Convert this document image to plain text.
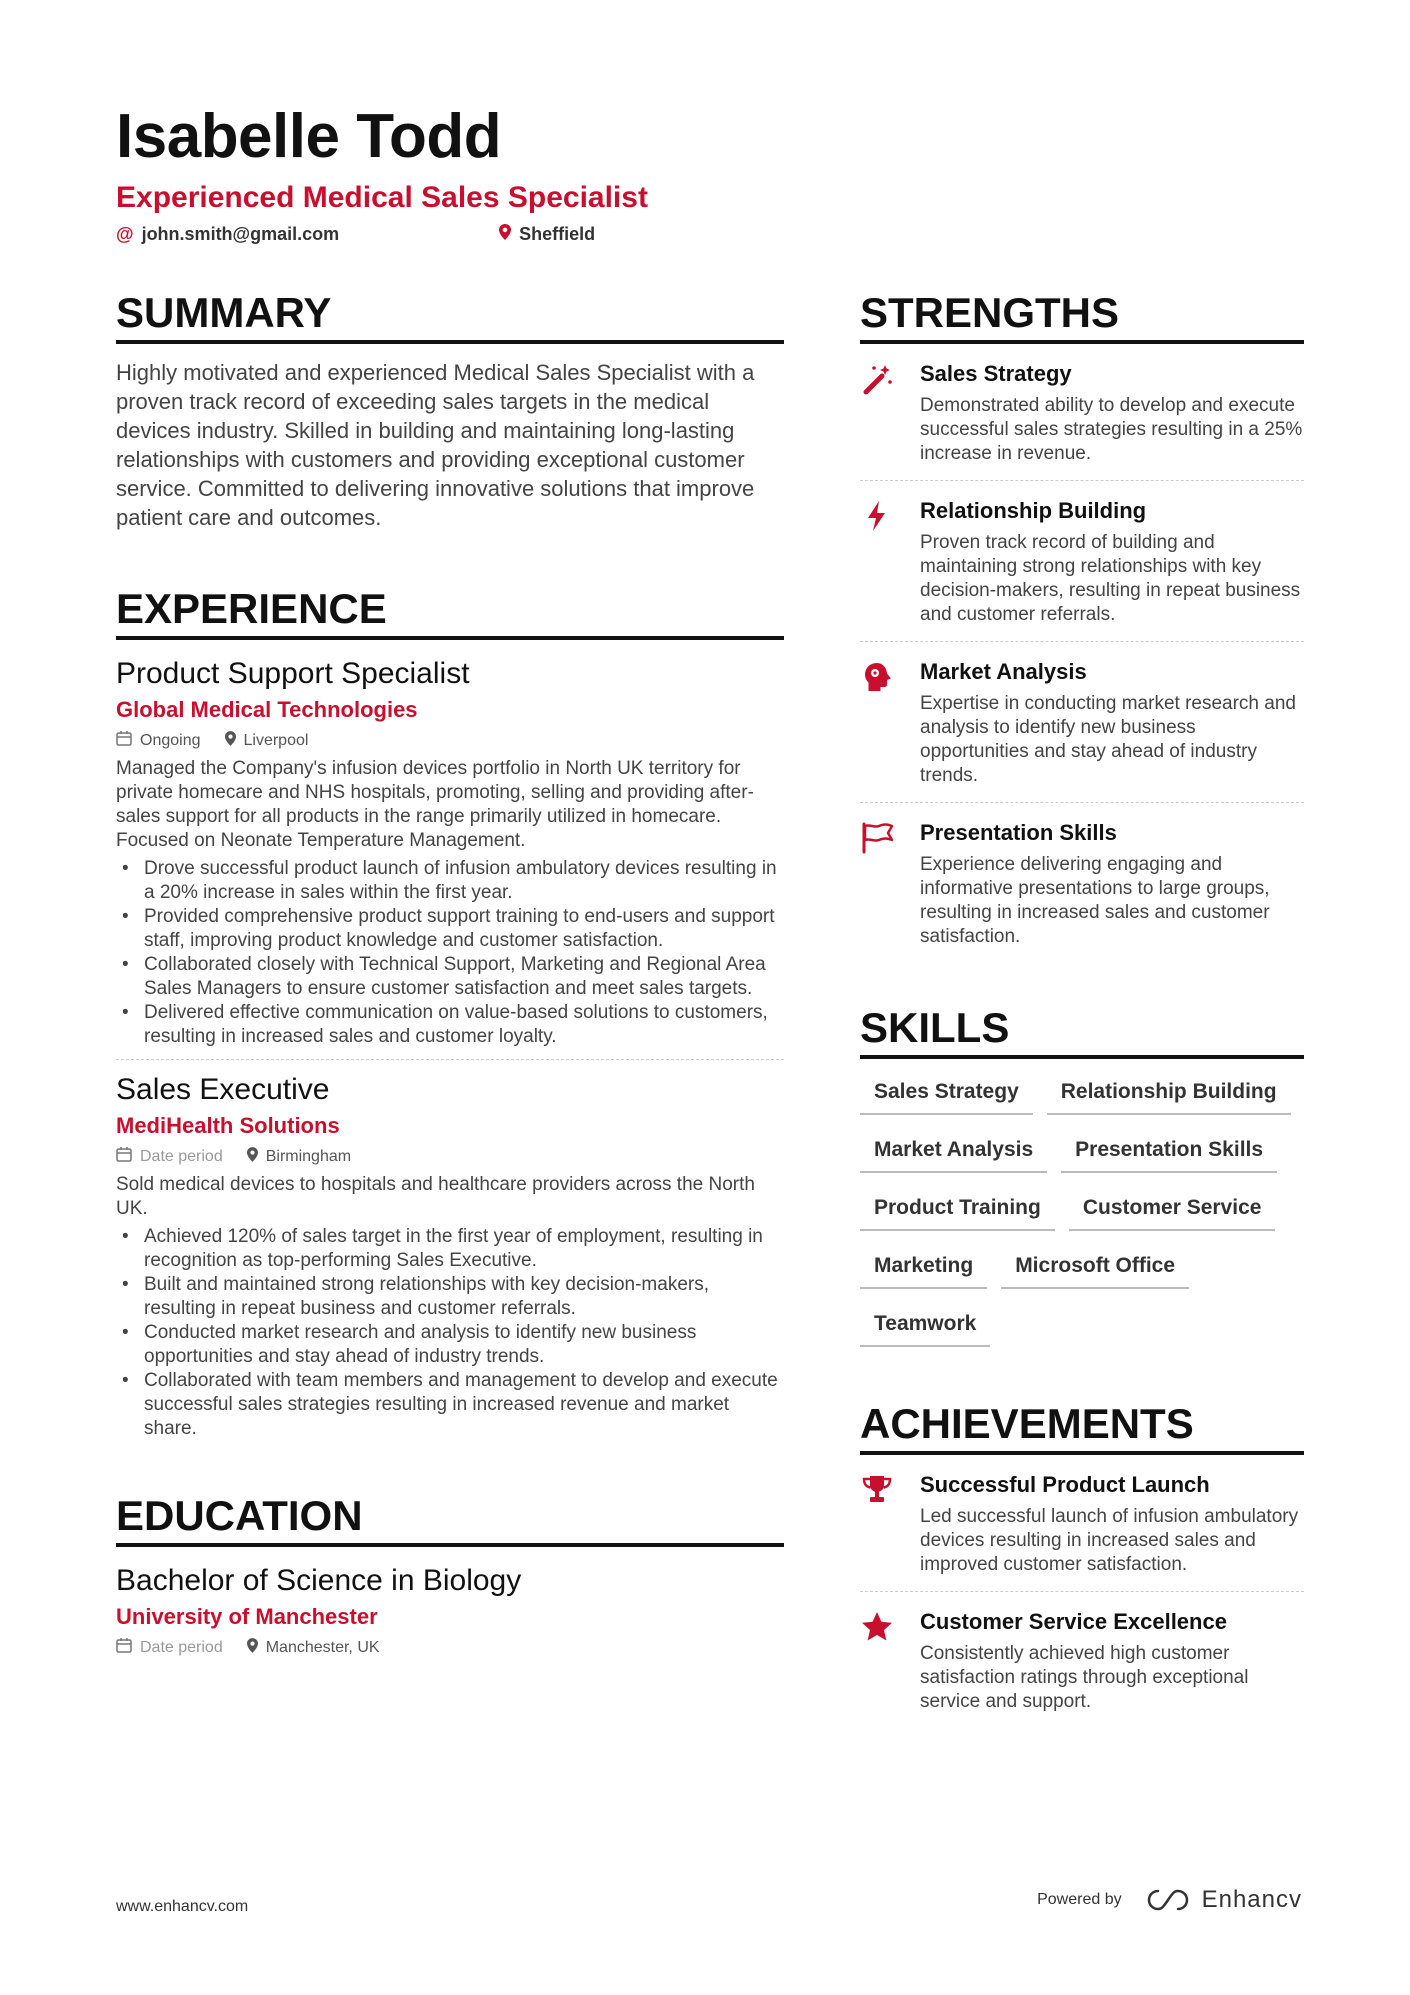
Isabelle Todd
Experienced Medical Sales Specialist
@ john.smith@gmail.com	Sheffield
SUMMARY
Highly motivated and experienced Medical Sales Specialist with a proven track record of exceeding sales targets in the medical devices industry. Skilled in building and maintaining long-lasting relationships with customers and providing exceptional customer service. Committed to delivering innovative solutions that improve patient care and outcomes.
EXPERIENCE
Product Support Specialist
Global Medical Technologies
Ongoing	Liverpool
Managed the Company's infusion devices portfolio in North UK territory for private homecare and NHS hospitals, promoting, selling and providing after-sales support for all products in the range primarily utilized in homecare. Focused on Neonate Temperature Management.
• Drove successful product launch of infusion ambulatory devices resulting in a 20% increase in sales within the first year.
• Provided comprehensive product support training to end-users and support staff, improving product knowledge and customer satisfaction.
• Collaborated closely with Technical Support, Marketing and Regional Area Sales Managers to ensure customer satisfaction and meet sales targets.
• Delivered effective communication on value-based solutions to customers, resulting in increased sales and customer loyalty.
Sales Executive
MediHealth Solutions
Date period	Birmingham
Sold medical devices to hospitals and healthcare providers across the North UK.
• Achieved 120% of sales target in the first year of employment, resulting in recognition as top-performing Sales Executive.
• Built and maintained strong relationships with key decision-makers, resulting in repeat business and customer referrals.
• Conducted market research and analysis to identify new business opportunities and stay ahead of industry trends.
• Collaborated with team members and management to develop and execute successful sales strategies resulting in increased revenue and market share.
EDUCATION
Bachelor of Science in Biology
University of Manchester
Date period	Manchester, UK
STRENGTHS
Sales Strategy
Demonstrated ability to develop and execute successful sales strategies resulting in a 25% increase in revenue.
Relationship Building
Proven track record of building and maintaining strong relationships with key decision-makers, resulting in repeat business and customer referrals.
Market Analysis
Expertise in conducting market research and analysis to identify new business opportunities and stay ahead of industry trends.
Presentation Skills
Experience delivering engaging and informative presentations to large groups, resulting in increased sales and customer satisfaction.
SKILLS
Sales Strategy	Relationship Building
Market Analysis	Presentation Skills
Product Training	Customer Service
Marketing	Microsoft Office
Teamwork
ACHIEVEMENTS
Successful Product Launch
Led successful launch of infusion ambulatory devices resulting in increased sales and improved customer satisfaction.
Customer Service Excellence
Consistently achieved high customer satisfaction ratings through exceptional service and support.
www.enhancv.com	Powered by	Enhancv
